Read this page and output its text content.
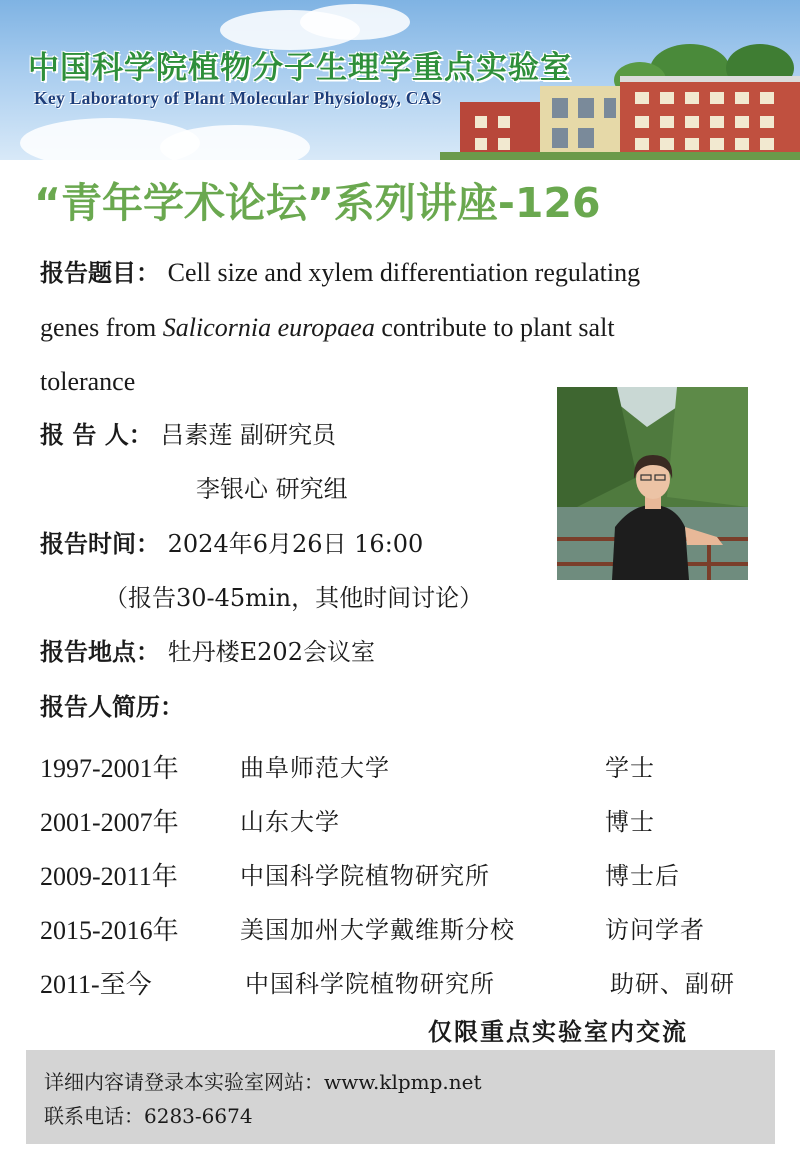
中国科学院植物分子生理学重点实验室
Key Laboratory of Plant Molecular Physiology, CAS
“青年学术论坛”系列讲座-126
报告题目： Cell size and xylem differentiation regulating
genes from Salicornia europaea contribute to plant salt
tolerance
报 告 人： 吕素莲 副研究员
李银心 研究组
报告时间： 2024年6月26日 16:00
（报告30-45min，其他时间讨论）
报告地点： 牡丹楼E202会议室
报告人简历：
1997-2001年	曲阜师范大学	学士
2001-2007年	山东大学	博士
2009-2011年	中国科学院植物研究所	博士后
2015-2016年	美国加州大学戴维斯分校	访问学者
2011-至今	中国科学院植物研究所	助研、副研
仅限重点实验室内交流
详细内容请登录本实验室网站：www.klpmp.net
联系电话：6283-6674
